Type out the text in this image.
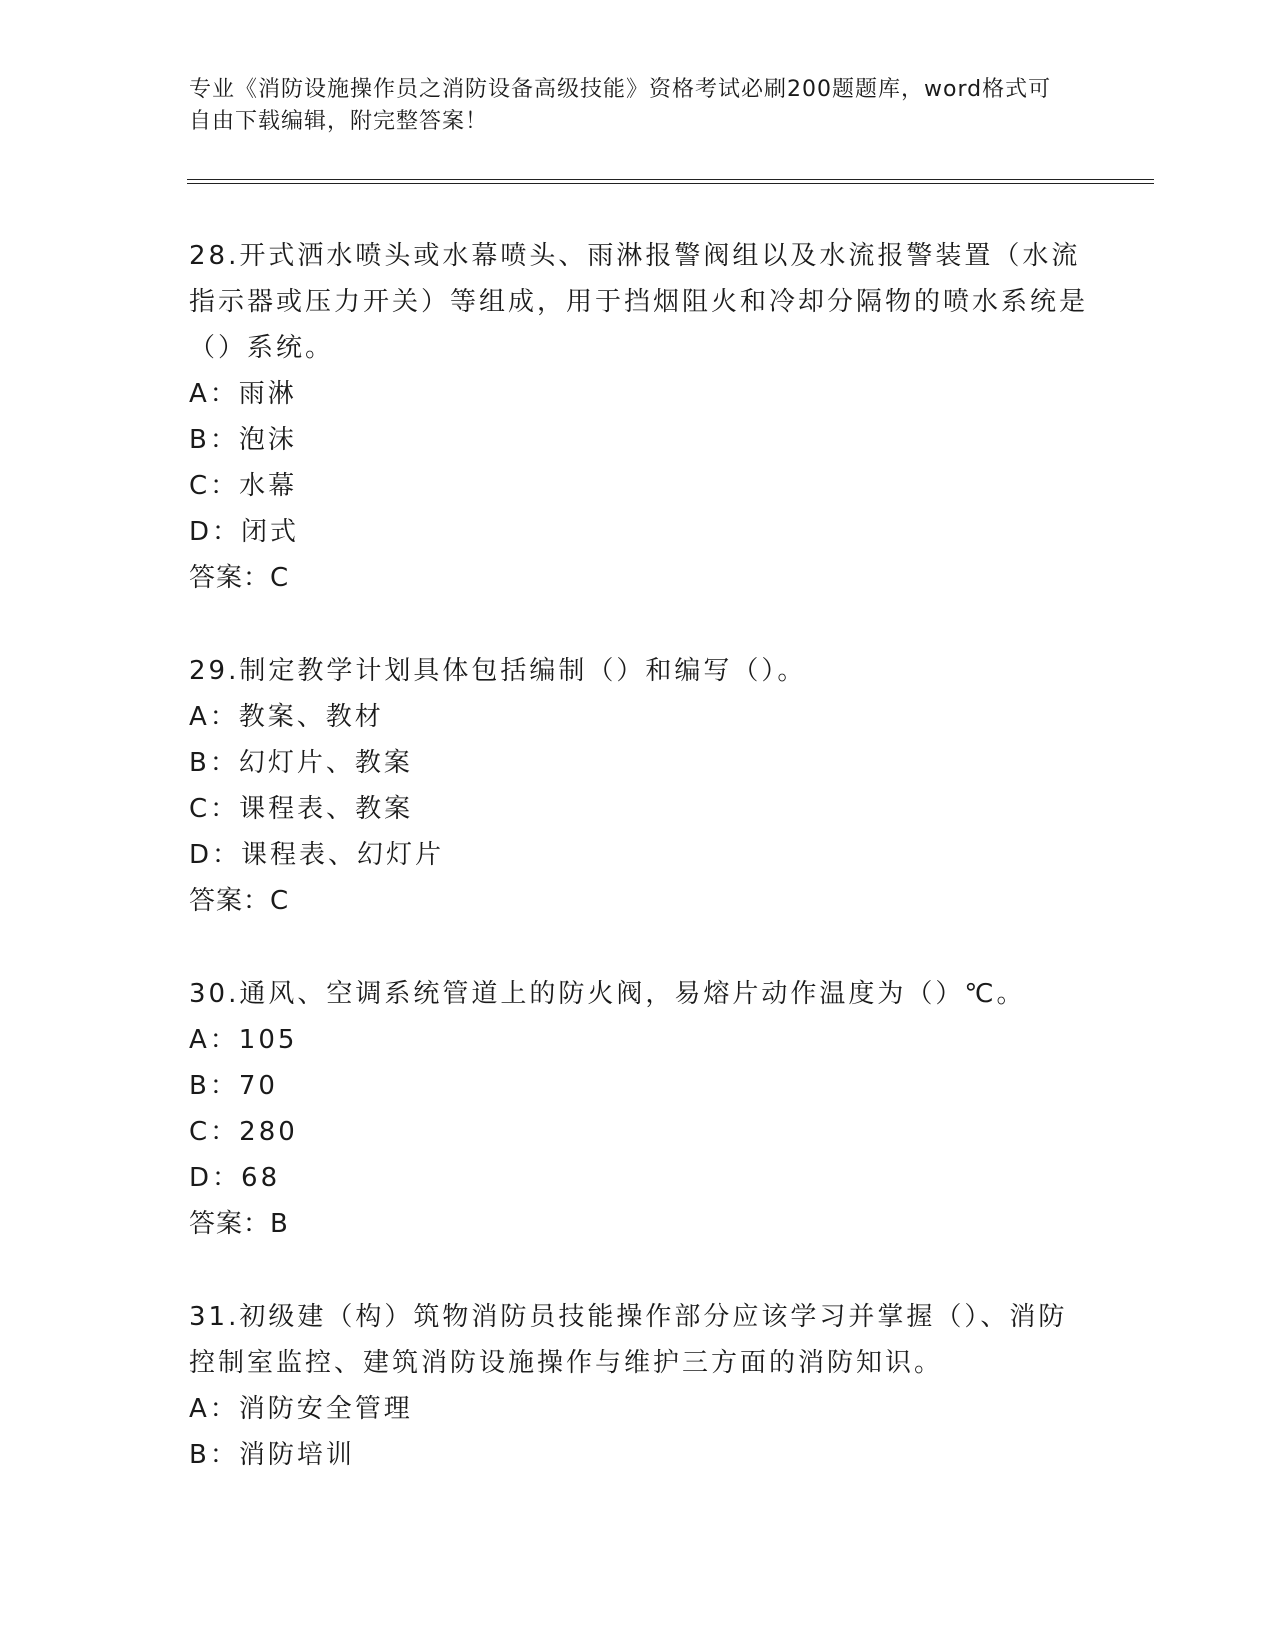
专业《消防设施操作员之消防设备高级技能》资格考试必刷200题题库，word格式可自由下载编辑，附完整答案！
28.开式洒水喷头或水幕喷头、雨淋报警阀组以及水流报警装置（水流指示器或压力开关）等组成，用于挡烟阻火和冷却分隔物的喷水系统是（）系统。
A：雨淋
B：泡沫
C：水幕
D：闭式
答案：C
29.制定教学计划具体包括编制（）和编写（）。
A：教案、教材
B：幻灯片、教案
C：课程表、教案
D：课程表、幻灯片
答案：C
30.通风、空调系统管道上的防火阀，易熔片动作温度为（）℃。
A：105
B：70
C：280
D：68
答案：B
31.初级建（构）筑物消防员技能操作部分应该学习并掌握（）、消防控制室监控、建筑消防设施操作与维护三方面的消防知识。
A：消防安全管理
B：消防培训
